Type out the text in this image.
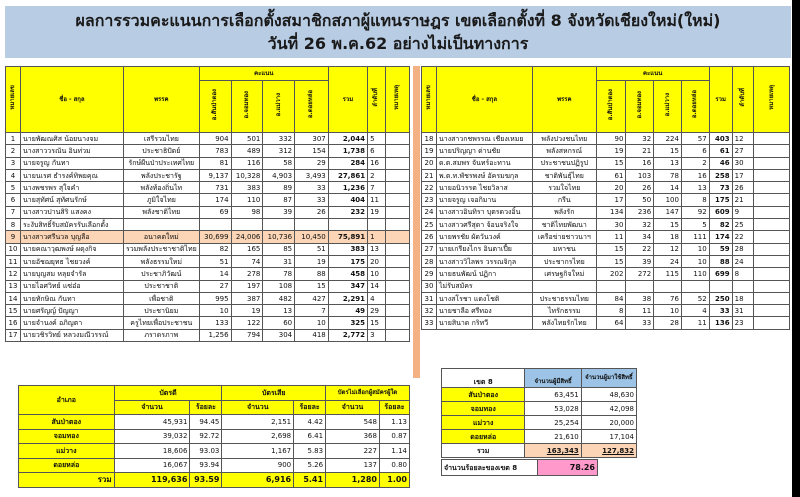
ผลการรวมคะแนนการเลือกตั้งสมาชิกสภาผู้แทนราษฎร เขตเลือกตั้งที่ 8 จังหวัดเชียงใหม่(ใหม่)
วันที่ 26 พ.ค.62 อย่างไม่เป็นทางการ
หมายเลข	ชื่อ - สกุล	พรรค	คะแนน				รวม	ลำดับที่	หมายเหตุ
			อ.สันป่าตอง	อ.จอมทอง	อ.แม่วาง	อ.ดอยหล่อ			
1	นายพัฒณศิส น้อยนางจม	เสรีรวมไทย	904	501	332	307	2,044	5	
2	นางสาววรณัน อินท่วม	ประชาธิปัตย์	783	489	312	154	1,738	6	
3	นายจรูญ กันทา	รักษ์ผืนป่าประเทศไทย	81	116	58	29	284	16	
4	นายนเรศ ธำรงค์ทิพยคุณ	พลังประชารัฐ	9,137	10,328	4,903	3,493	27,861	2	
5	นางพชรพร สุใจคำ	พลังท้องถิ่นไท	731	383	89	33	1,236	7	
6	นายสุทัศน์ สุทัศนรักษ์	ภูมิใจไทย	174	110	87	33	404	11	
7	นางสาวปานสิริ แสงคง	พลังชาติไทย	69	98	39	26	232	19	
8	ระงับสิทธิ์รับสมัครรับเลือกตั้ง								
9	นางสาวศรีนวล บุญลือ	อนาคตใหม่	30,699	24,006	10,736	10,450	75,891	1	
10	นายคณาวุฒพงษ์ ผดุงกิจ	รวมพลังประชาชาติไทย	82	165	85	51	383	13	
11	นายอัชฌยุทธ ไชยวงค์	พลังธรรมใหม่	51	74	31	19	175	20	
12	นายบุญสม หลุยจำรัล	ประชาภิวัฒน์	14	278	78	88	458	10	
13	นายไอศวิทย์ แซ่อ๋อ	ประชาชาติ	27	197	108	15	347	14	
14	นายทักษิณ กันทา	เพื่อชาติ	995	387	482	427	2,291	4	
15	นายศรัญญ์ ปัญญา	ประชานิยม	10	19	13	7	49	29	
16	นายจำนงค์ อภิญตา	ครูไทยเพื่อประชาชน	133	122	60	10	325	15	
17	นายวชิรวิทย์ หลวงมณีวรรณ์	ภราดรภาพ	1,256	794	304	418	2,772	3	
หมายเลข	ชื่อ - สกุล	พรรค	คะแนน				รวม	ลำดับที่	หมายเหตุ
			อ.สันป่าตอง	อ.จอมทอง	อ.แม่วาง	อ.ดอยหล่อ			
18	นางสาวกชพรรณ เชียงเหมย	พลังปวงชนไทย	90	32	224	57	403	12	
19	นายปริญญา ด่านชัย	พลังสหกรณ์	19	21	15	6	61	27	
20	ด.ต.สมพร จันทร์อะทาน	ประชาชนปฏิรูป	15	16	13	2	46	30	
21	พ.ต.ท.พัชรพงษ์ อัครมฆกุล	ชาติพันธุ์ไทย	61	103	78	16	258	17	
22	นายอนิวรรต ไชยวิลาส	รวมใจไทย	20	26	14	13	73	26	
23	นายจรูญ เจอกิมาน	กรีน	17	50	100	8	175	21	
24	นางสาวอินทิรา บุตรดวงอิ้น	พลังรัก	134	236	147	92	609	9	
25	นางสาวศรีสุดา จ้อนจริงใจ	ชาติไทยพัฒนา	30	32	15	5	82	25	
26	นายพรชัย ผัดวันวงค์	เครือข่ายชาวนาฯ	11	34	18	111	174	22	
27	นายเกรียงไกร อินตาเปี้ย	มหาชน	15	22	12	10	59	28	
28	นางสาววิไลพร วรรณจิกุล	ประชากรไทย	15	39	24	10	88	24	
29	นายธนพัฒน์ ปฏิกา	เศรษฐกิจใหม่	202	272	115	110	699	8	
30	ไม่รับสมัคร								
31	นางสโรชา แดงโชติ	ประชาธรรมไทย	84	38	76	52	250	18	
32	นายชาลือ ศรีทอง	ไทรักธรรม	8	11	10	4	33	31	
33	นายสินาด กริทวี	พลังไทยรักไทย	64	33	28	11	136	23	
อำเภอ	บัตรดี		บัตรเสีย		บัตรไม่เลือกผู้สมัครผู้ใด	
	จำนวน	ร้อยละ	จำนวน	ร้อยละ	จำนวน	ร้อยละ
สันป่าตอง	45,931	94.45	2,151	4.42	548	1.13
จอมทอง	39,032	92.72	2,698	6.41	368	0.87
แม่วาง	18,606	93.03	1,167	5.83	227	1.14
ดอยหล่อ	16,067	93.94	900	5.26	137	0.80
รวม	119,636	93.59	6,916	5.41	1,280	1.00
เขต 8	จำนวนผู้มีสิทธิ์	จำนวนผู้มาใช้สิทธิ์
สันป่าตอง	63,451	48,630
จอมทอง	53,028	42,098
แม่วาง	25,254	20,000
ดอยหล่อ	21,610	17,104
รวม	163,343	127,832
จำนวนร้อยละของเขต 8	78.26
